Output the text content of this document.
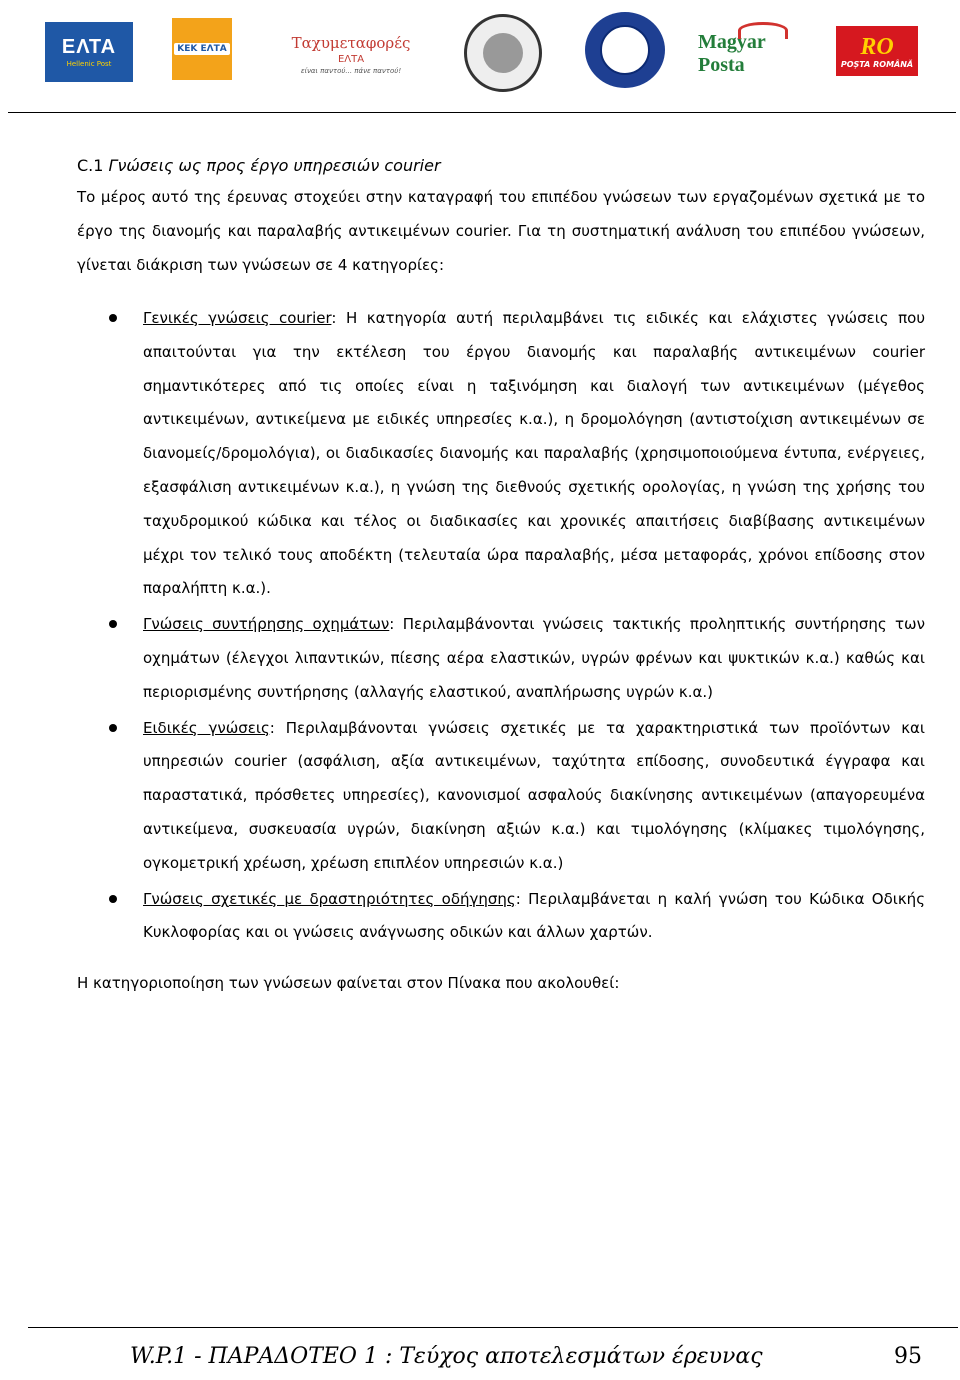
ΕΛΤΑ
Hellenic Post
ΚΕΚ ΕΛΤΑ	Ταχυμεταφορές
ΕΛΤΑ
είναι παντού... πάνε παντού!
Magyar Posta
RO
POȘTA ROMÂNĂ
C.1 Γνώσεις ως προς έργο υπηρεσιών courier

Το μέρος αυτό της έρευνας στοχεύει στην καταγραφή του επιπέδου γνώσεων των εργαζομένων σχετικά με το έργο της διανομής και παραλαβής αντικειμένων courier. Για τη συστηματική ανάλυση του επιπέδου γνώσεων, γίνεται διάκριση των γνώσεων σε 4 κατηγορίες:

Γενικές γνώσεις courier: Η κατηγορία αυτή περιλαμβάνει τις ειδικές και ελάχιστες γνώσεις που απαιτούνται για την εκτέλεση του έργου διανομής και παραλαβής αντικειμένων courier σημαντικότερες από τις οποίες είναι η ταξινόμηση και διαλογή των αντικειμένων (μέγεθος αντικειμένων, αντικείμενα με ειδικές υπηρεσίες κ.α.), η δρομολόγηση (αντιστοίχιση αντικειμένων σε διανομείς/δρομολόγια), οι διαδικασίες διανομής και παραλαβής (χρησιμοποιούμενα έντυπα, ενέργειες, εξασφάλιση αντικειμένων κ.α.), η γνώση της διεθνούς σχετικής ορολογίας, η γνώση της χρήσης του ταχυδρομικού κώδικα και τέλος οι διαδικασίες και χρονικές απαιτήσεις διαβίβασης αντικειμένων μέχρι τον τελικό τους αποδέκτη (τελευταία ώρα παραλαβής, μέσα μεταφοράς, χρόνοι επίδοσης στον παραλήπτη κ.α.).
Γνώσεις συντήρησης οχημάτων: Περιλαμβάνονται γνώσεις τακτικής προληπτικής συντήρησης των οχημάτων (έλεγχοι λιπαντικών, πίεσης αέρα ελαστικών, υγρών φρένων και ψυκτικών κ.α.) καθώς και περιορισμένης συντήρησης (αλλαγής ελαστικού, αναπλήρωσης υγρών κ.α.)
Ειδικές γνώσεις: Περιλαμβάνονται γνώσεις σχετικές με τα χαρακτηριστικά των προϊόντων και υπηρεσιών courier (ασφάλιση, αξία αντικειμένων, ταχύτητα επίδοσης, συνοδευτικά έγγραφα και παραστατικά, πρόσθετες υπηρεσίες), κανονισμοί ασφαλούς διακίνησης αντικειμένων (απαγορευμένα αντικείμενα, συσκευασία υγρών, διακίνηση αξιών κ.α.) και τιμολόγησης (κλίμακες τιμολόγησης, ογκομετρική χρέωση, χρέωση επιπλέον υπηρεσιών κ.α.)
Γνώσεις σχετικές με δραστηριότητες οδήγησης: Περιλαμβάνεται η καλή γνώση του Κώδικα Οδικής Κυκλοφορίας και οι γνώσεις ανάγνωσης οδικών και άλλων χαρτών.

Η κατηγοριοποίηση των γνώσεων φαίνεται στον Πίνακα που ακολουθεί:

W.P.1 - ΠΑΡΑΔΟΤΕΟ 1 : Τεύχος αποτελεσμάτων έρευνας	95
